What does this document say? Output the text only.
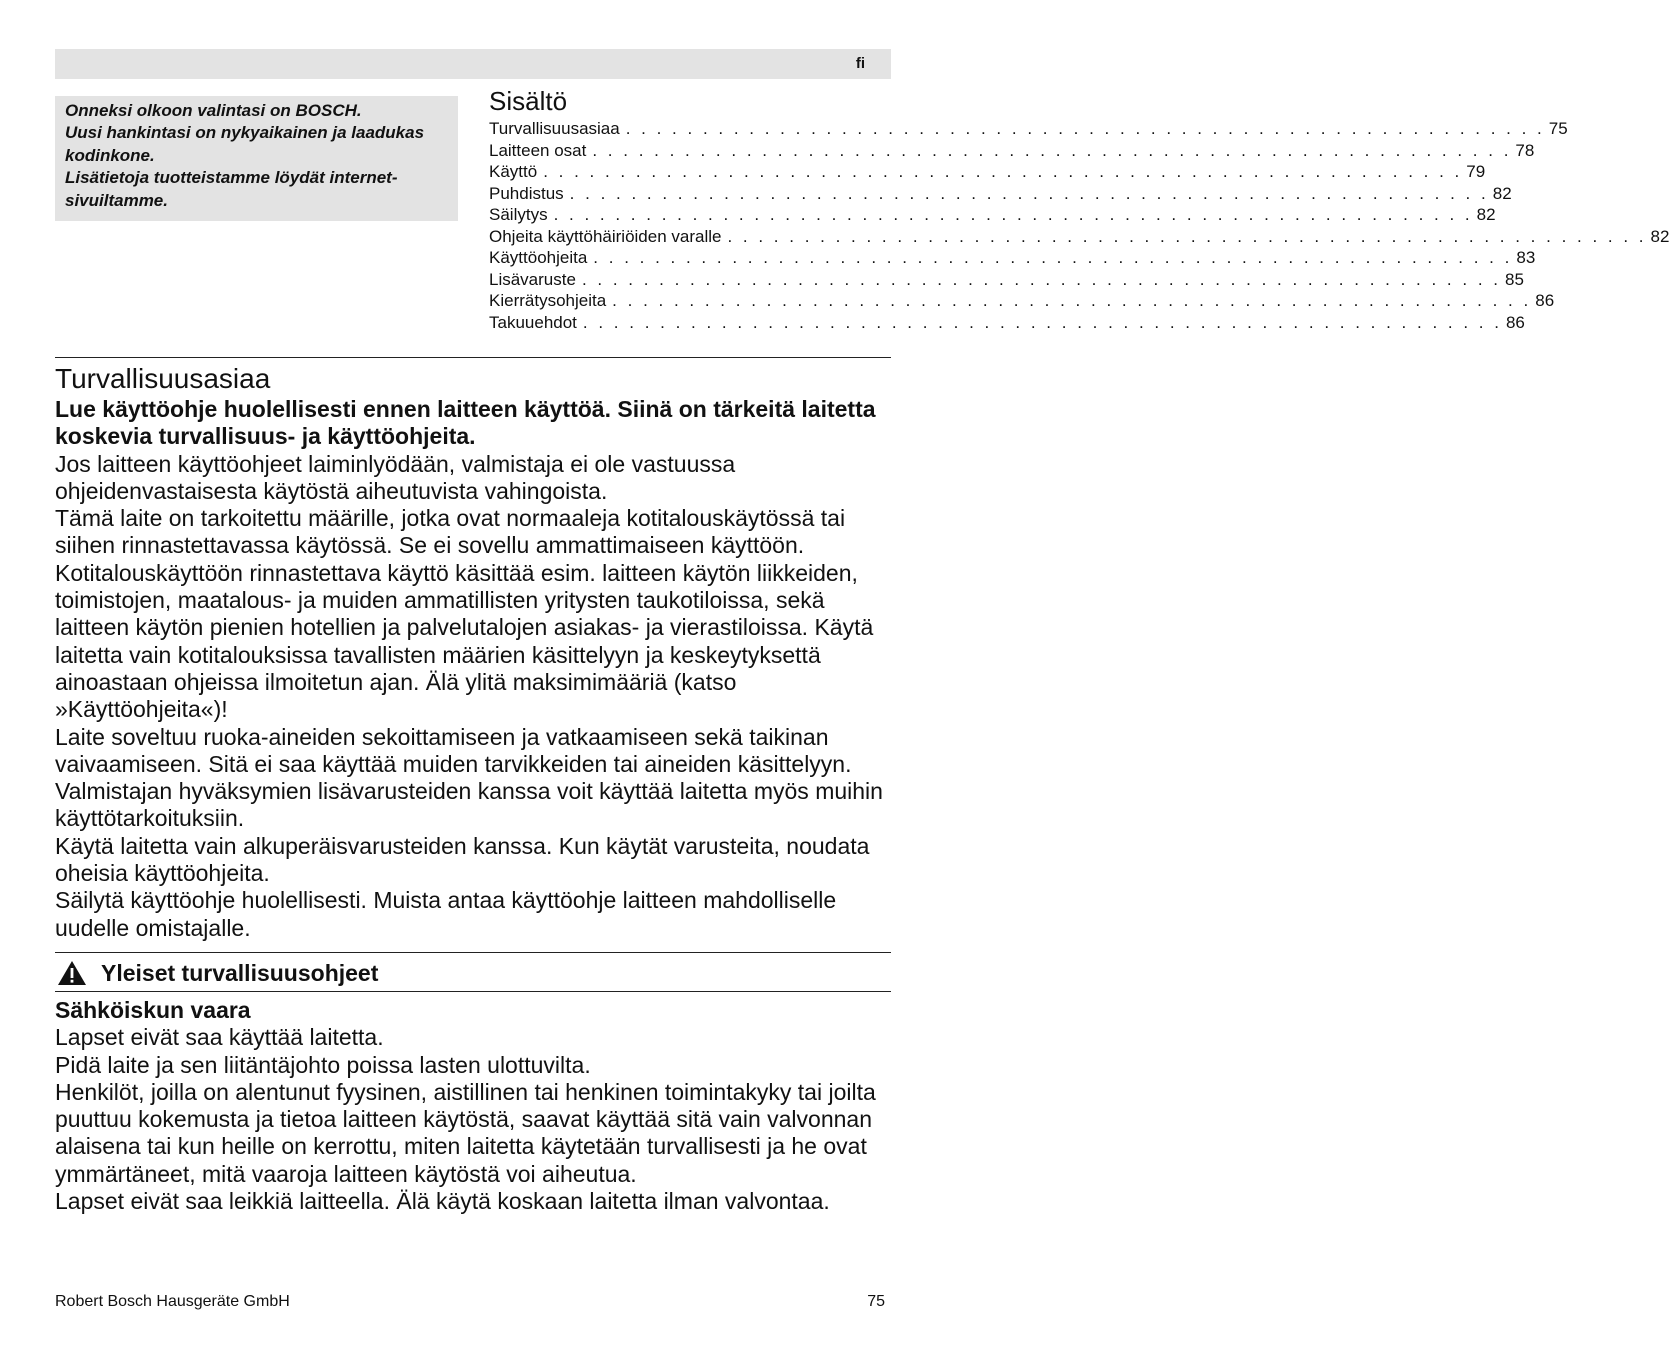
fi
Onneksi olkoon valintasi on BOSCH.
Uusi hankintasi on nykyaikainen ja laadukas
kodinkone.
Lisätietoja tuotteistamme löydät internet-
sivuiltamme.
Sisältö
Turvallisuusasiaa . . . . . . . . . . . . . . . . . . . . . . . . . . . . . . . . . . . . . . . . . . . . . . . . . . . . . . . . . . . . 75
Laitteen osat . . . . . . . . . . . . . . . . . . . . . . . . . . . . . . . . . . . . . . . . . . . . . . . . . . . . . . . . . . . . 78
Käyttö . . . . . . . . . . . . . . . . . . . . . . . . . . . . . . . . . . . . . . . . . . . . . . . . . . . . . . . . . . . . 79
Puhdistus . . . . . . . . . . . . . . . . . . . . . . . . . . . . . . . . . . . . . . . . . . . . . . . . . . . . . . . . . . . . 82
Säilytys . . . . . . . . . . . . . . . . . . . . . . . . . . . . . . . . . . . . . . . . . . . . . . . . . . . . . . . . . . . . 82
Ohjeita käyttöhäiriöiden varalle . . . . . . . . . . . . . . . . . . . . . . . . . . . . . . . . . . . . . . . . . . . . . . . . . . . . . . . . . . . . 82
Käyttöohjeita . . . . . . . . . . . . . . . . . . . . . . . . . . . . . . . . . . . . . . . . . . . . . . . . . . . . . . . . . . . . 83
Lisävaruste . . . . . . . . . . . . . . . . . . . . . . . . . . . . . . . . . . . . . . . . . . . . . . . . . . . . . . . . . . . . 85
Kierrätysohjeita . . . . . . . . . . . . . . . . . . . . . . . . . . . . . . . . . . . . . . . . . . . . . . . . . . . . . . . . . . . . 86
Takuuehdot . . . . . . . . . . . . . . . . . . . . . . . . . . . . . . . . . . . . . . . . . . . . . . . . . . . . . . . . . . . . 86
Turvallisuusasiaa

Lue käyttöohje huolellisesti ennen laitteen käyttöä. Siinä on tärkeitä laitetta koskevia turvallisuus- ja käyttöohjeita.

Jos laitteen käyttöohjeet laiminlyödään, valmistaja ei ole vastuussa ohjeidenvastaisesta käytöstä aiheutuvista vahingoista.

Tämä laite on tarkoitettu määrille, jotka ovat normaaleja kotitalouskäytössä tai siihen rinnastettavassa käytössä. Se ei sovellu ammattimaiseen käyttöön. Kotitalouskäyttöön rinnastettava käyttö käsittää esim. laitteen käytön liikkeiden, toimistojen, maatalous- ja muiden ammatillisten yritysten taukotiloissa, sekä laitteen käytön pienien hotellien ja palvelutalojen asiakas- ja vierastiloissa. Käytä laitetta vain kotitalouksissa tavallisten määrien käsittelyyn ja keskeytyksettä ainoastaan ohjeissa ilmoitetun ajan. Älä ylitä maksimimääriä (katso »Käyttöohjeita«)!

Laite soveltuu ruoka-aineiden sekoittamiseen ja vatkaamiseen sekä taikinan vaivaamiseen. Sitä ei saa käyttää muiden tarvikkeiden tai aineiden käsittelyyn. Valmistajan hyväksymien lisävarusteiden kanssa voit käyttää laitetta myös muihin käyttötarkoituksiin.

Käytä laitetta vain alkuperäisvarusteiden kanssa. Kun käytät varusteita, noudata oheisia käyttöohjeita.

Säilytä käyttöohje huolellisesti. Muista antaa käyttöohje laitteen mahdolliselle uudelle omistajalle.

Yleiset turvallisuusohjeet

Sähköiskun vaara

Lapset eivät saa käyttää laitetta.

Pidä laite ja sen liitäntäjohto poissa lasten ulottuvilta.

Henkilöt, joilla on alentunut fyysinen, aistillinen tai henkinen toimintakyky tai joilta puuttuu kokemusta ja tietoa laitteen käytöstä, saavat käyttää sitä vain valvonnan alaisena tai kun heille on kerrottu, miten laitetta käytetään turvallisesti ja he ovat ymmärtäneet, mitä vaaroja laitteen käytöstä voi aiheutua.

Lapset eivät saa leikkiä laitteella. Älä käytä koskaan laitetta ilman valvontaa.

Robert Bosch Hausgeräte GmbH	75
